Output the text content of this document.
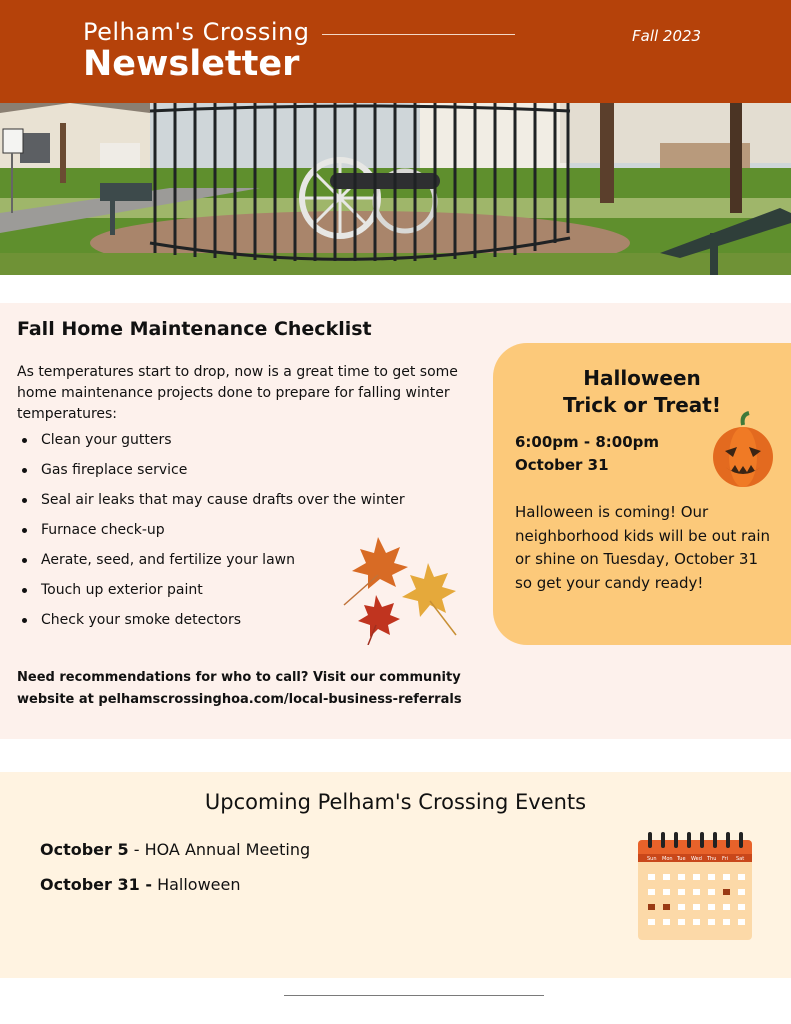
Pelham's Crossing
Newsletter
Fall 2023
Fall Home Maintenance Checklist
As temperatures start to drop, now is a great time to get some home maintenance projects done to prepare for falling winter temperatures:
Clean your gutters
Gas fireplace service
Seal air leaks that may cause drafts over the winter
Furnace check-up
Aerate, seed, and fertilize your lawn
Touch up exterior paint
Check your smoke detectors
Need recommendations for who to call? Visit our community website at pelhamscrossinghoa.com/local-business-referrals
Halloween
Trick or Treat!
6:00pm - 8:00pm
October 31
Halloween is coming! Our neighborhood kids will be out rain or shine on Tuesday, October 31 so get your candy ready!
Upcoming Pelham's Crossing Events
October 5 - HOA Annual Meeting
October 31 - Halloween
Sun Mon Tue Wed Thu Fri Sat
